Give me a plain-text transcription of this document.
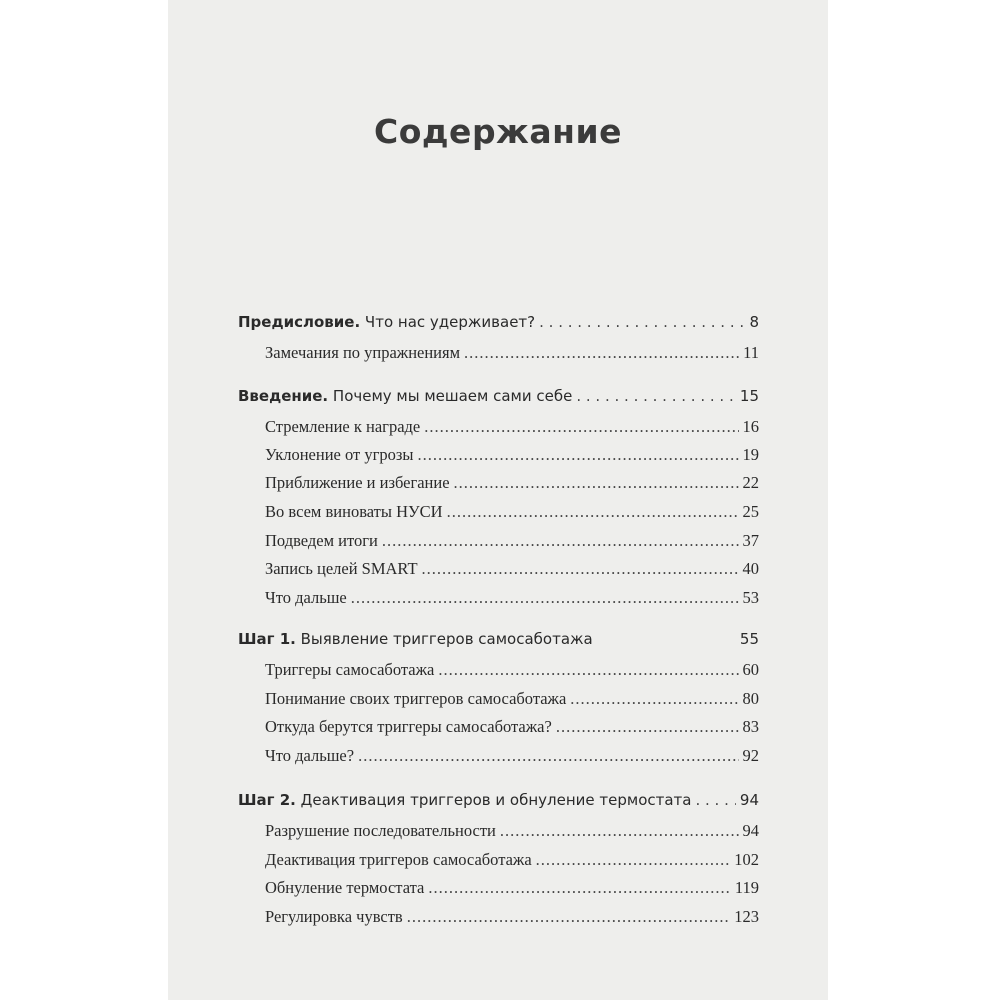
Содержание
Предисловие. Что нас удерживает? . . .	8
Замечания по упражнениям .....	11
Введение. Почему мы мешаем сами себе . . .	15
Стремление к награде .....	16
Уклонение от угрозы .....	19
Приближение и избегание .....	22
Во всем виноваты НУСИ .....	25
Подведем итоги .....	37
Запись целей SMART .....	40
Что дальше .....	53
Шаг 1. Выявление триггеров самосаботажа	55
Триггеры самосаботажа .....	60
Понимание своих триггеров самосаботажа .....	80
Откуда берутся триггеры самосаботажа? .....	83
Что дальше? .....	92
Шаг 2. Деактивация триггеров и обнуление термостата . . .	94
Разрушение последовательности .....	94
Деактивация триггеров самосаботажа .....	102
Обнуление термостата .....	119
Регулировка чувств .....	123
